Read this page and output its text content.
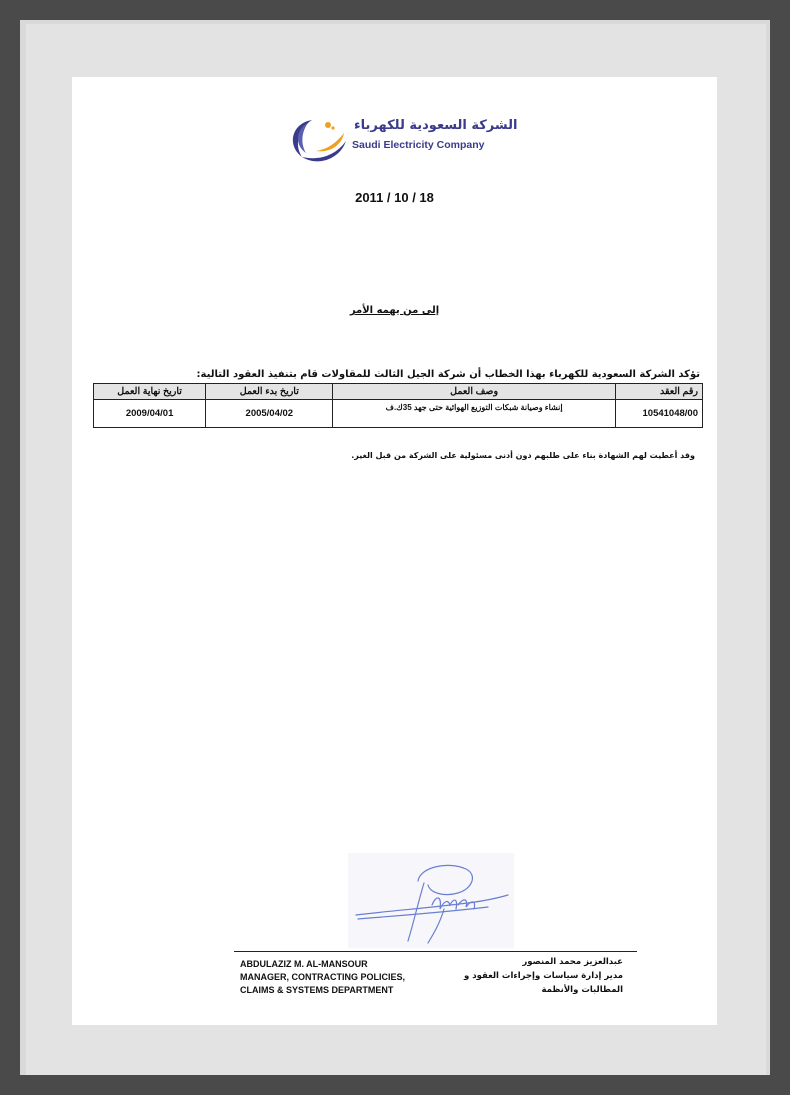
الشركة السعودية للكهرباء
Saudi Electricity Company
2011 / 10 / 18
إلى من يهمه الأمر
تؤكد الشركة السعودية للكهرباء بهذا الخطاب أن شركة الجيل الثالث للمقاولات قام بتنفيذ العقود التالية:
رقم العقد	وصف العمل	تاريخ بدء العمل	تاريخ نهاية العمل
10541048/00	إنشاء وصيانة شبكات التوزيع الهوائية حتى جهد 35ك.ف	2005/04/02	2009/04/01
وقد أعطيت لهم الشهادة بناء على طلبهم دون أدنى مسئولية على الشركة من قبل الغير.
ABDULAZIZ M. AL-MANSOUR
MANAGER, CONTRACTING POLICIES,
CLAIMS & SYSTEMS DEPARTMENT
عبدالعزيز محمد المنصور
مدير إدارة سياسات وإجراءات العقود و
المطالبات والأنظمة
